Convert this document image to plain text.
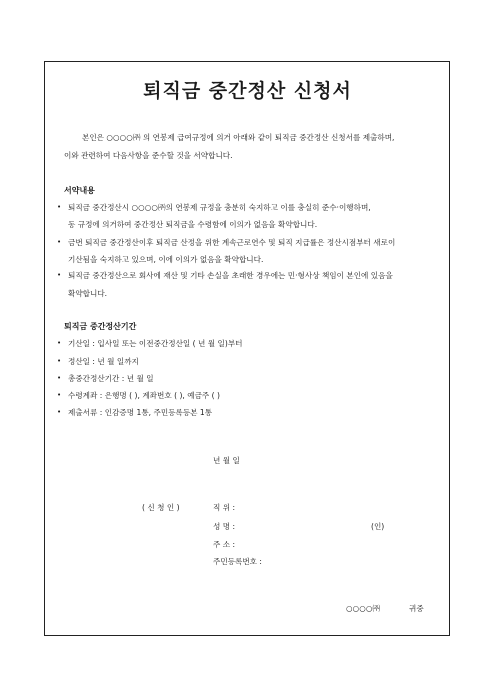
퇴직금 중간정산 신청서
본인은 ○○○○㈜ 의 연봉제 급여규정에 의거 아래와 같이 퇴직금 중간정산 신청서를 제출하며,
이와 관련하여 다음사항을 준수할 것을 서약합니다.
서약내용
• 퇴직금 중간정산시 ○○○○㈜의 연봉제 규정을 충분히 숙지하고 이를 충실히 준수·이행하며,
동 규정에 의거하여 중간정산 퇴직금을 수령함에 이의가 없음을 확약합니다.
• 금번 퇴직금 중간정산이후 퇴직금 산정을 위한 계속근로연수 및 퇴직 지급률은 정산시점부터 새로이
기산됨을 숙지하고 있으며, 이에 이의가 없음을 확약합니다.
• 퇴직금 중간정산으로 회사에 재산 및 기타 손실을 초래한 경우에는 민·형사상 책임이 본인에 있음을
확약합니다.
퇴직금 중간정산기간
• 기산일 : 입사일 또는 이전중간정산일 ( 년 월 일)부터
• 정산일 : 년 월 일까지
• 총중간정산기간 : 년 월 일
• 수령계좌 : 은행명 ( ), 계좌번호 ( ), 예금주 ( )
• 제출서류 : 인감증명 1통, 주민등록등본 1통
년 월 일
( 신 청 인 )	직 위 :
성 명 :	(인)
주 소 :
주민등록번호 :
○○○○㈜	귀중
